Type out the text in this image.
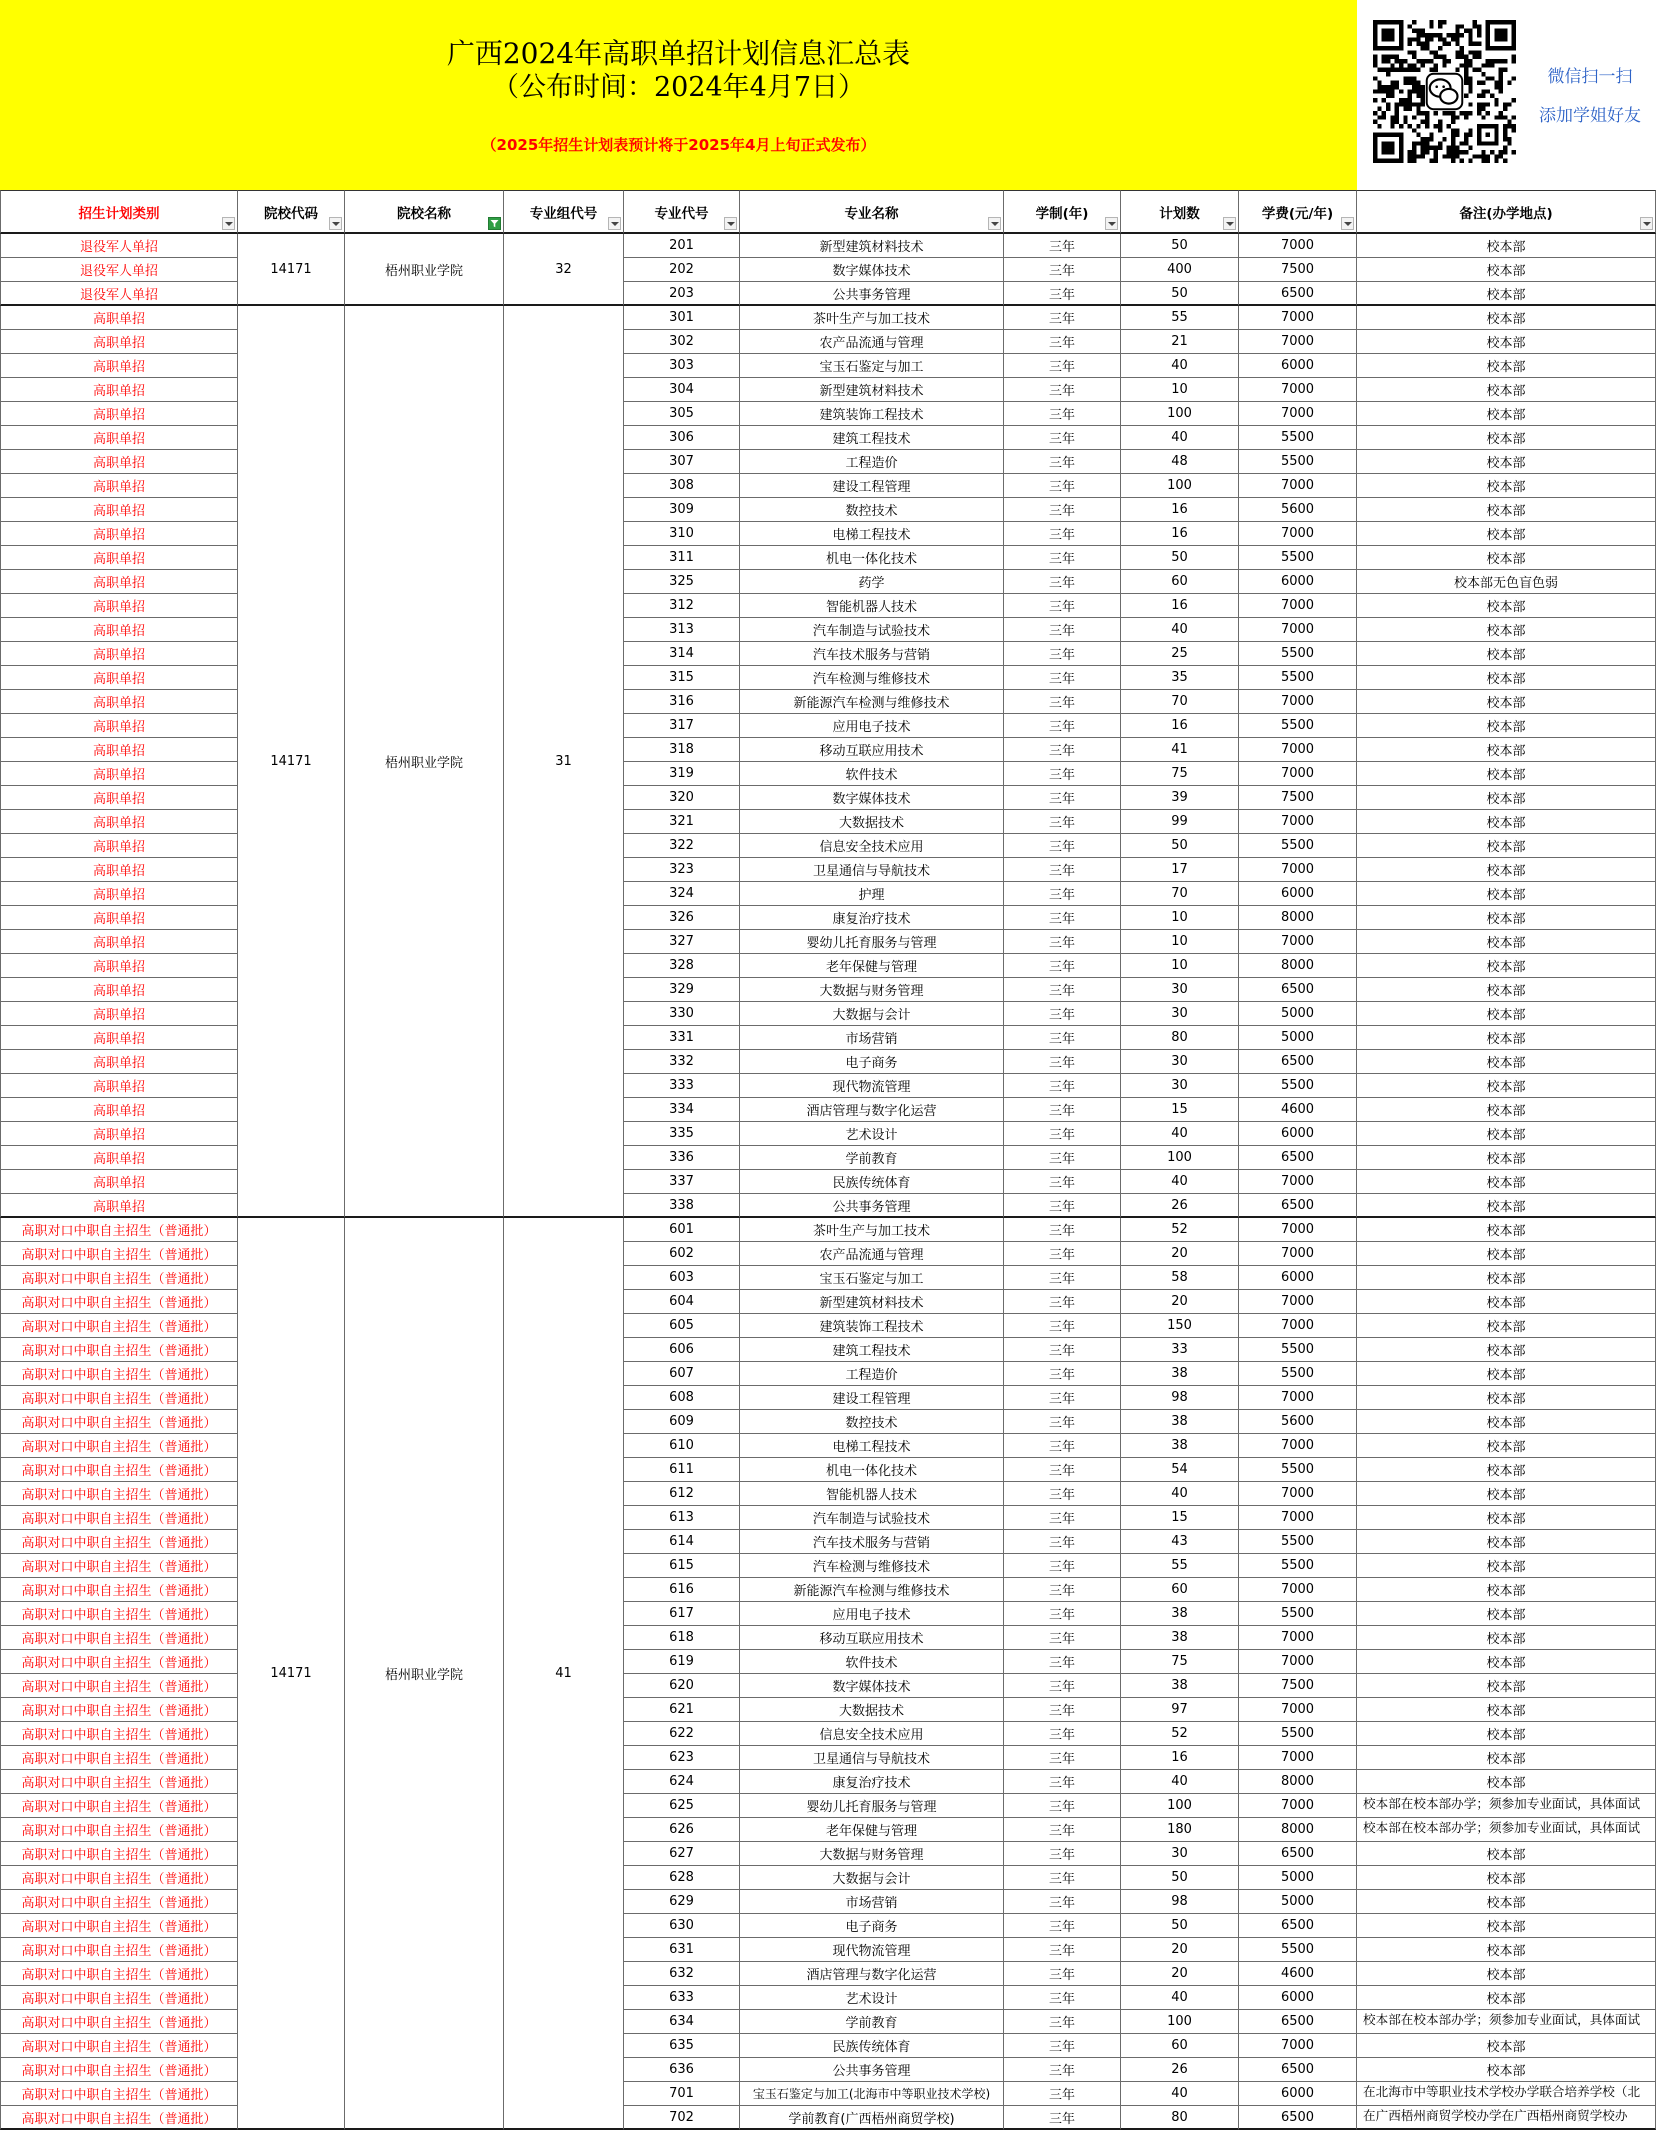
广西2024年高职单招计划信息汇总表
（公布时间：2024年4月7日）
（2025年招生计划表预计将于2025年4月上旬正式发布）
微信扫一扫
添加学姐好友
招生计划类别	院校代码	院校名称	专业组代号	专业代号	专业名称	学制(年)	计划数	学费(元/年)	备注(办学地点)
14171	梧州职业学院	32
退役军人单招	201	新型建筑材料技术	三年	50	7000	校本部
退役军人单招	202	数字媒体技术	三年	400	7500	校本部
退役军人单招	203	公共事务管理	三年	50	6500	校本部
14171	梧州职业学院	31
高职单招	301	茶叶生产与加工技术	三年	55	7000	校本部
高职单招	302	农产品流通与管理	三年	21	7000	校本部
高职单招	303	宝玉石鉴定与加工	三年	40	6000	校本部
高职单招	304	新型建筑材料技术	三年	10	7000	校本部
高职单招	305	建筑装饰工程技术	三年	100	7000	校本部
高职单招	306	建筑工程技术	三年	40	5500	校本部
高职单招	307	工程造价	三年	48	5500	校本部
高职单招	308	建设工程管理	三年	100	7000	校本部
高职单招	309	数控技术	三年	16	5600	校本部
高职单招	310	电梯工程技术	三年	16	7000	校本部
高职单招	311	机电一体化技术	三年	50	5500	校本部
高职单招	325	药学	三年	60	6000	校本部无色盲色弱
高职单招	312	智能机器人技术	三年	16	7000	校本部
高职单招	313	汽车制造与试验技术	三年	40	7000	校本部
高职单招	314	汽车技术服务与营销	三年	25	5500	校本部
高职单招	315	汽车检测与维修技术	三年	35	5500	校本部
高职单招	316	新能源汽车检测与维修技术	三年	70	7000	校本部
高职单招	317	应用电子技术	三年	16	5500	校本部
高职单招	318	移动互联应用技术	三年	41	7000	校本部
高职单招	319	软件技术	三年	75	7000	校本部
高职单招	320	数字媒体技术	三年	39	7500	校本部
高职单招	321	大数据技术	三年	99	7000	校本部
高职单招	322	信息安全技术应用	三年	50	5500	校本部
高职单招	323	卫星通信与导航技术	三年	17	7000	校本部
高职单招	324	护理	三年	70	6000	校本部
高职单招	326	康复治疗技术	三年	10	8000	校本部
高职单招	327	婴幼儿托育服务与管理	三年	10	7000	校本部
高职单招	328	老年保健与管理	三年	10	8000	校本部
高职单招	329	大数据与财务管理	三年	30	6500	校本部
高职单招	330	大数据与会计	三年	30	5000	校本部
高职单招	331	市场营销	三年	80	5000	校本部
高职单招	332	电子商务	三年	30	6500	校本部
高职单招	333	现代物流管理	三年	30	5500	校本部
高职单招	334	酒店管理与数字化运营	三年	15	4600	校本部
高职单招	335	艺术设计	三年	40	6000	校本部
高职单招	336	学前教育	三年	100	6500	校本部
高职单招	337	民族传统体育	三年	40	7000	校本部
高职单招	338	公共事务管理	三年	26	6500	校本部
14171	梧州职业学院	41
高职对口中职自主招生（普通批）	601	茶叶生产与加工技术	三年	52	7000	校本部
高职对口中职自主招生（普通批）	602	农产品流通与管理	三年	20	7000	校本部
高职对口中职自主招生（普通批）	603	宝玉石鉴定与加工	三年	58	6000	校本部
高职对口中职自主招生（普通批）	604	新型建筑材料技术	三年	20	7000	校本部
高职对口中职自主招生（普通批）	605	建筑装饰工程技术	三年	150	7000	校本部
高职对口中职自主招生（普通批）	606	建筑工程技术	三年	33	5500	校本部
高职对口中职自主招生（普通批）	607	工程造价	三年	38	5500	校本部
高职对口中职自主招生（普通批）	608	建设工程管理	三年	98	7000	校本部
高职对口中职自主招生（普通批）	609	数控技术	三年	38	5600	校本部
高职对口中职自主招生（普通批）	610	电梯工程技术	三年	38	7000	校本部
高职对口中职自主招生（普通批）	611	机电一体化技术	三年	54	5500	校本部
高职对口中职自主招生（普通批）	612	智能机器人技术	三年	40	7000	校本部
高职对口中职自主招生（普通批）	613	汽车制造与试验技术	三年	15	7000	校本部
高职对口中职自主招生（普通批）	614	汽车技术服务与营销	三年	43	5500	校本部
高职对口中职自主招生（普通批）	615	汽车检测与维修技术	三年	55	5500	校本部
高职对口中职自主招生（普通批）	616	新能源汽车检测与维修技术	三年	60	7000	校本部
高职对口中职自主招生（普通批）	617	应用电子技术	三年	38	5500	校本部
高职对口中职自主招生（普通批）	618	移动互联应用技术	三年	38	7000	校本部
高职对口中职自主招生（普通批）	619	软件技术	三年	75	7000	校本部
高职对口中职自主招生（普通批）	620	数字媒体技术	三年	38	7500	校本部
高职对口中职自主招生（普通批）	621	大数据技术	三年	97	7000	校本部
高职对口中职自主招生（普通批）	622	信息安全技术应用	三年	52	5500	校本部
高职对口中职自主招生（普通批）	623	卫星通信与导航技术	三年	16	7000	校本部
高职对口中职自主招生（普通批）	624	康复治疗技术	三年	40	8000	校本部
高职对口中职自主招生（普通批）	625	婴幼儿托育服务与管理	三年	100	7000	校本部在校本部办学；须参加专业面试，具体面试
高职对口中职自主招生（普通批）	626	老年保健与管理	三年	180	8000	校本部在校本部办学；须参加专业面试，具体面试
高职对口中职自主招生（普通批）	627	大数据与财务管理	三年	30	6500	校本部
高职对口中职自主招生（普通批）	628	大数据与会计	三年	50	5000	校本部
高职对口中职自主招生（普通批）	629	市场营销	三年	98	5000	校本部
高职对口中职自主招生（普通批）	630	电子商务	三年	50	6500	校本部
高职对口中职自主招生（普通批）	631	现代物流管理	三年	20	5500	校本部
高职对口中职自主招生（普通批）	632	酒店管理与数字化运营	三年	20	4600	校本部
高职对口中职自主招生（普通批）	633	艺术设计	三年	40	6000	校本部
高职对口中职自主招生（普通批）	634	学前教育	三年	100	6500	校本部在校本部办学；须参加专业面试，具体面试
高职对口中职自主招生（普通批）	635	民族传统体育	三年	60	7000	校本部
高职对口中职自主招生（普通批）	636	公共事务管理	三年	26	6500	校本部
高职对口中职自主招生（普通批）	701	宝玉石鉴定与加工(北海市中等职业技术学校)	三年	40	6000	在北海市中等职业技术学校办学联合培养学校（北
高职对口中职自主招生（普通批）	702	学前教育(广西梧州商贸学校)	三年	80	6500	在广西梧州商贸学校办学在广西梧州商贸学校办
